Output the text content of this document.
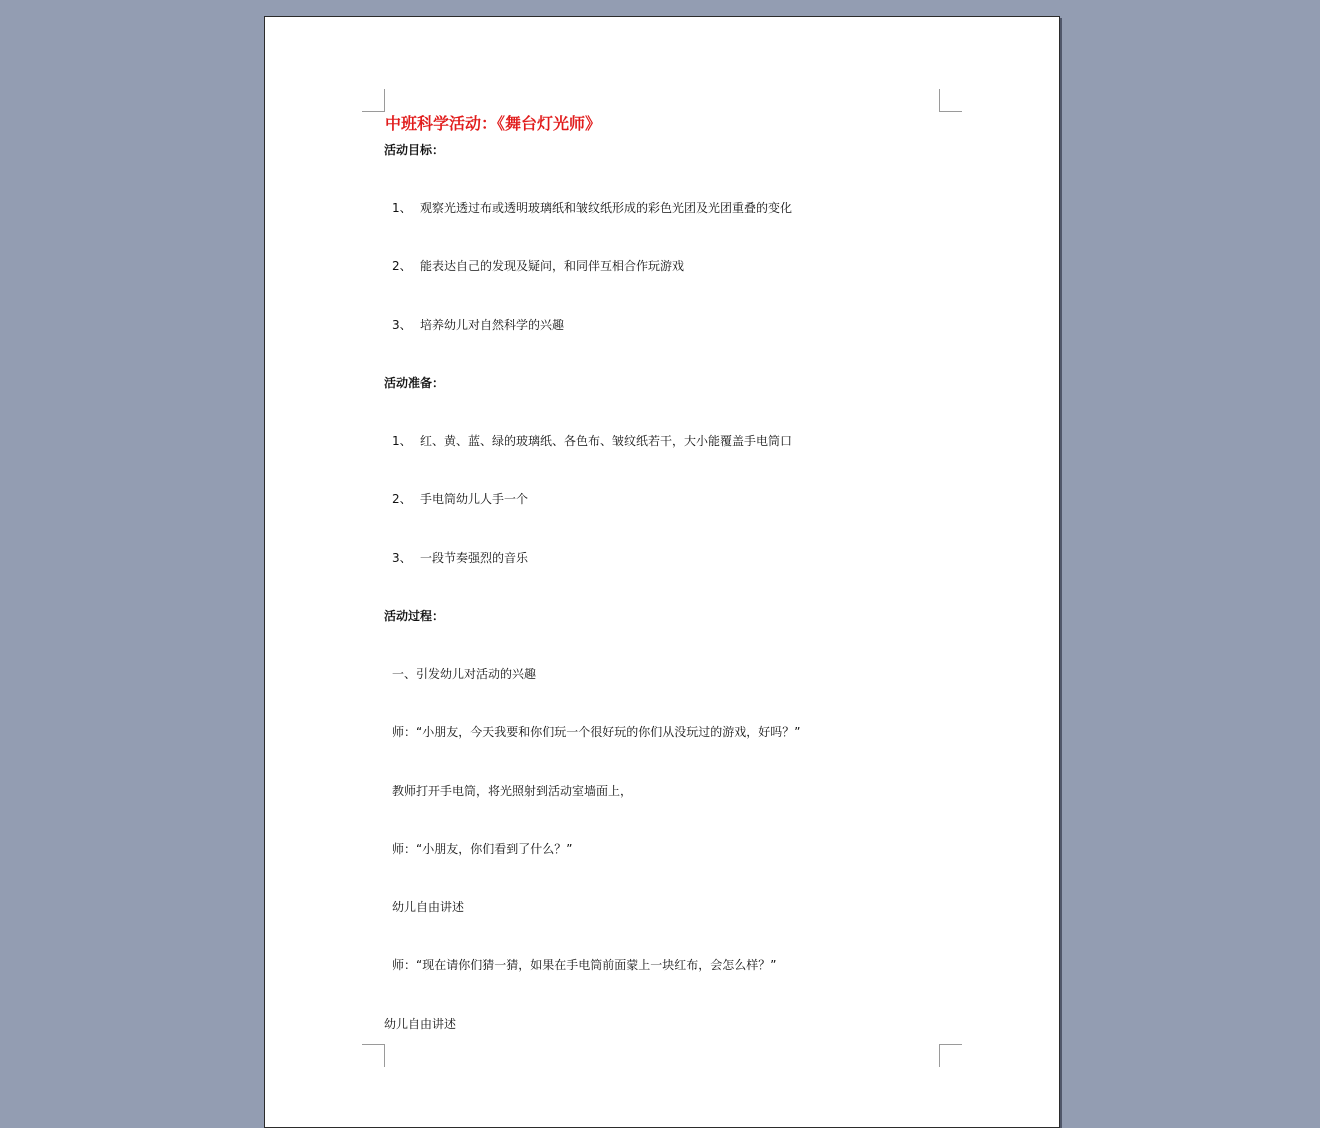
中班科学活动：《舞台灯光师》
活动目标：
1、 观察光透过布或透明玻璃纸和皱纹纸形成的彩色光团及光团重叠的变化
2、 能表达自己的发现及疑问，和同伴互相合作玩游戏
3、 培养幼儿对自然科学的兴趣
活动准备：
1、 红、黄、蓝、绿的玻璃纸、各色布、皱纹纸若干，大小能覆盖手电筒口
2、 手电筒幼儿人手一个
3、 一段节奏强烈的音乐
活动过程：
一、引发幼儿对活动的兴趣
师：“小朋友，今天我要和你们玩一个很好玩的你们从没玩过的游戏，好吗？”
教师打开手电筒，将光照射到活动室墙面上，
师：“小朋友，你们看到了什么？”
幼儿自由讲述
师：“现在请你们猜一猜，如果在手电筒前面蒙上一块红布，会怎么样？”
幼儿自由讲述
